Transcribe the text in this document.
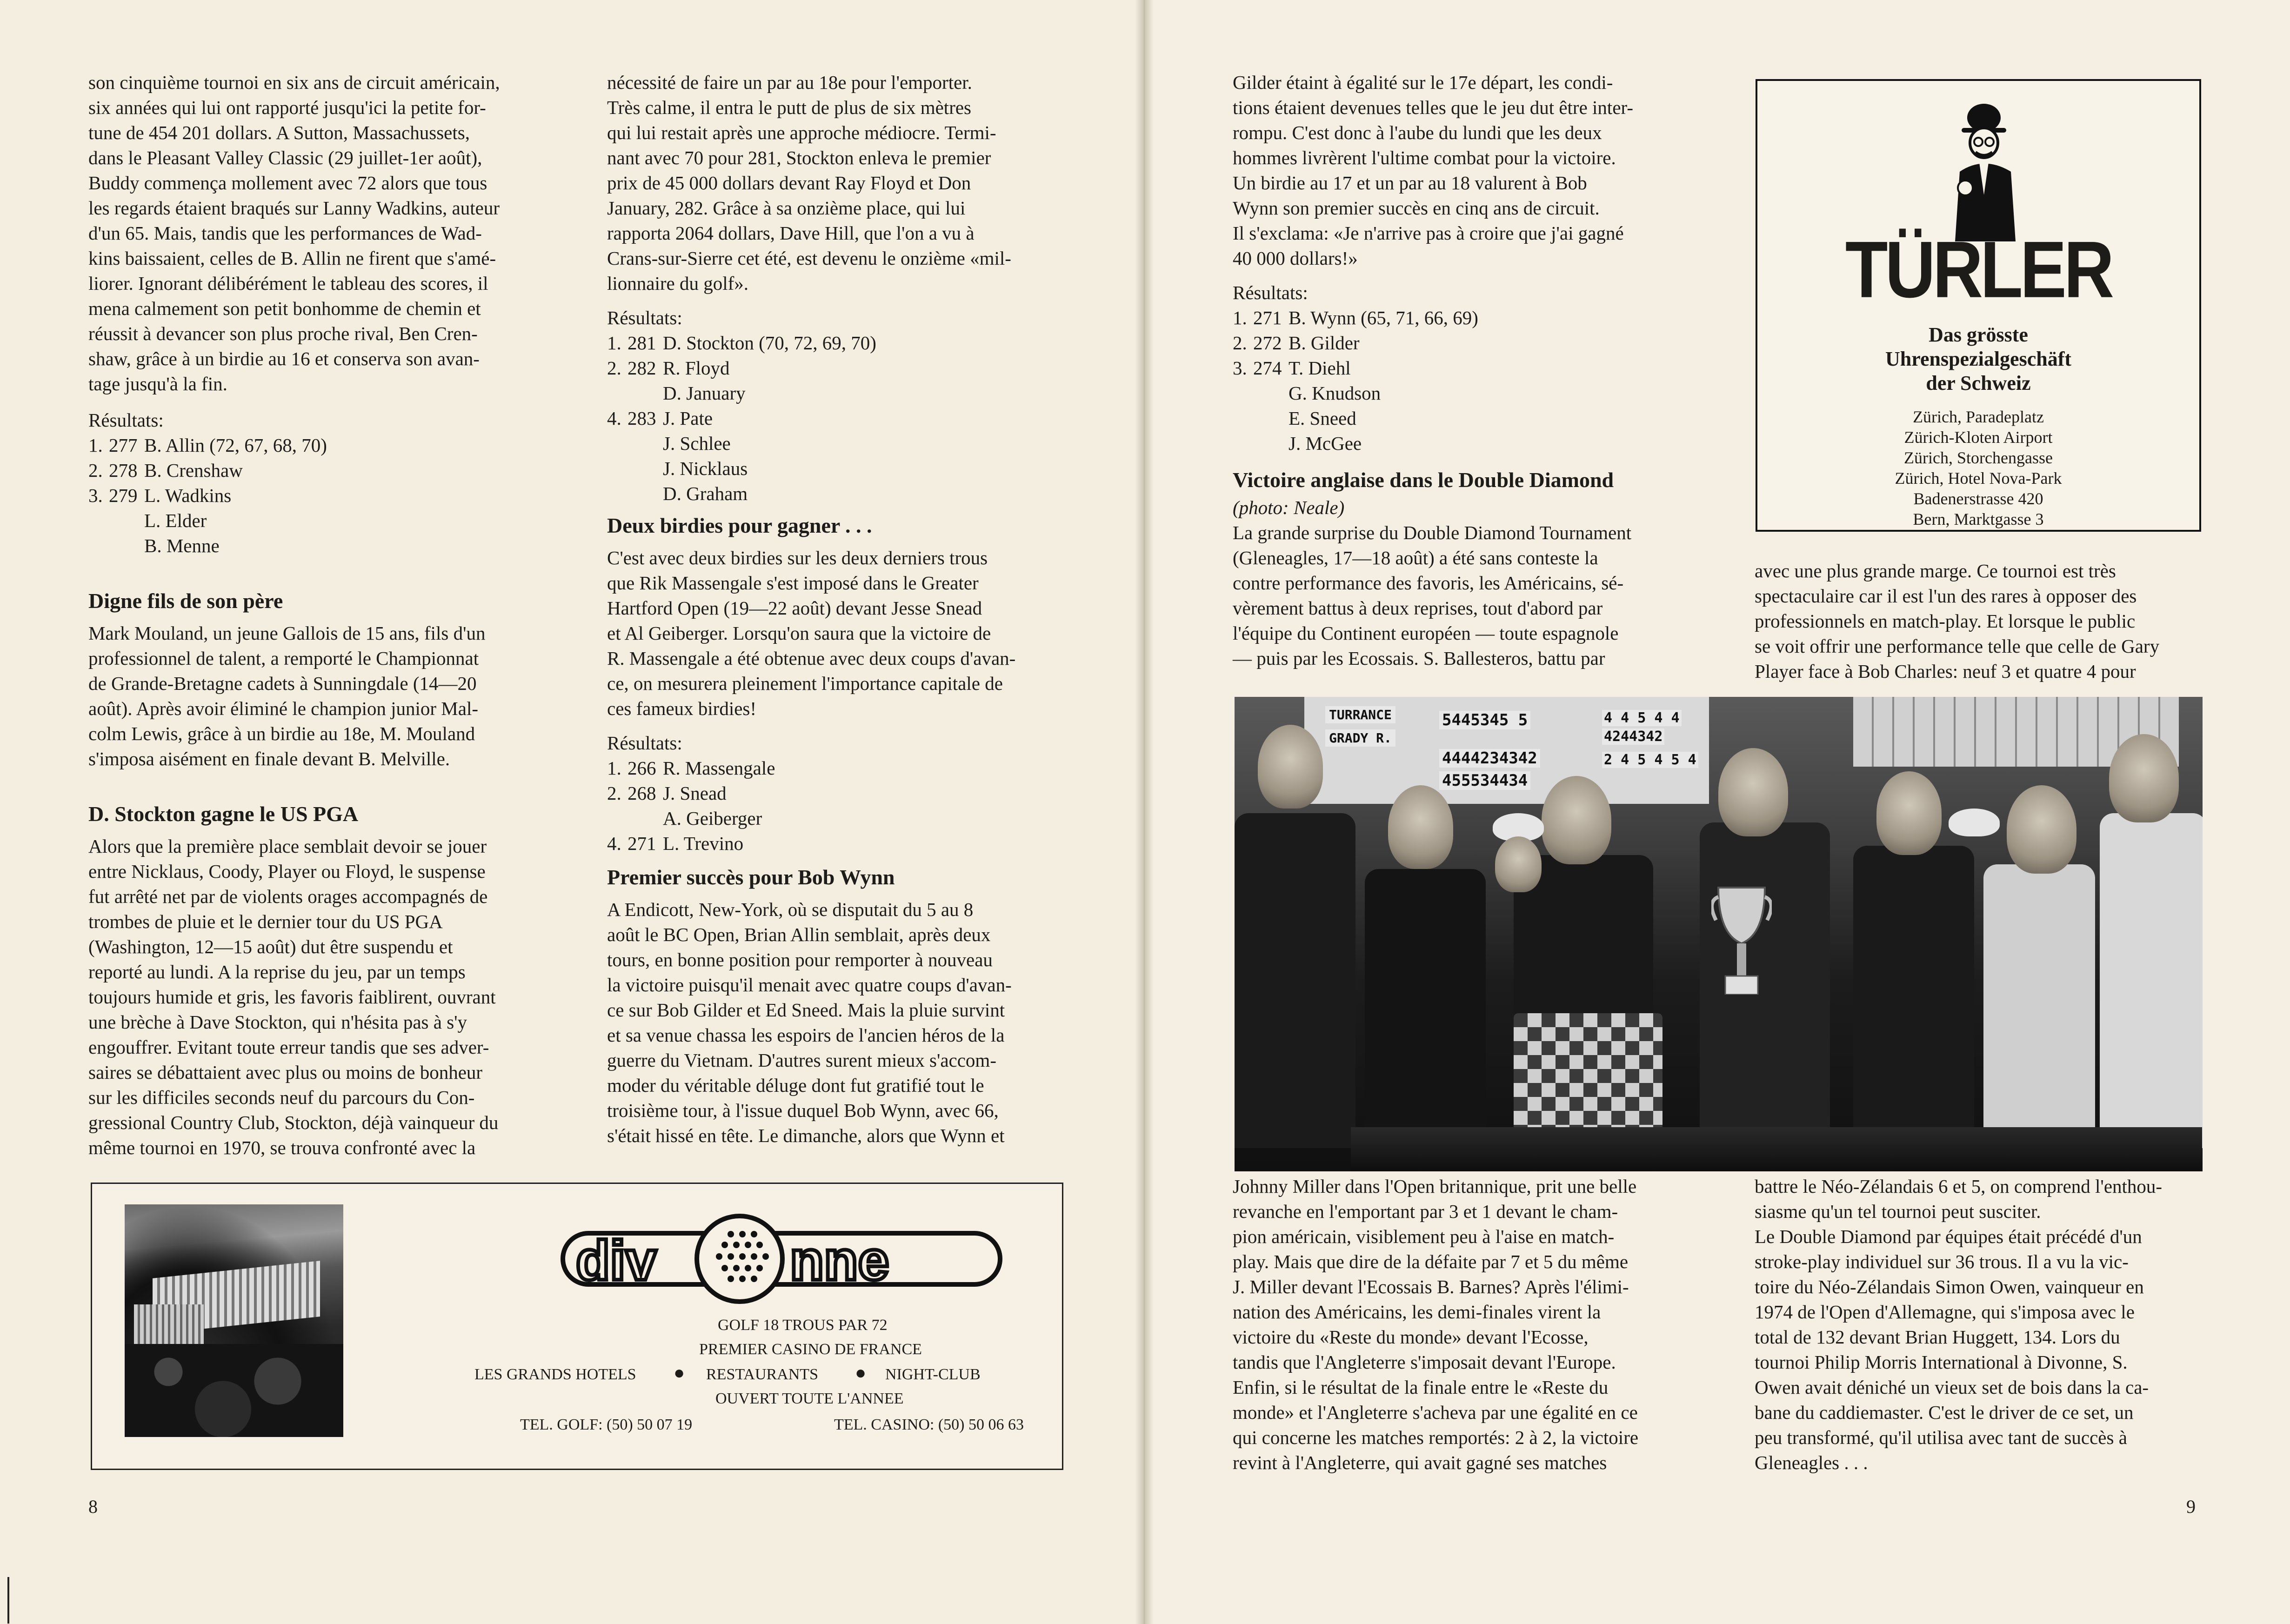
son cinquième tournoi en six ans de circuit américain,
six années qui lui ont rapporté jusqu'ici la petite for-
tune de 454 201 dollars. A Sutton, Massachussets,
dans le Pleasant Valley Classic (29 juillet-1er août),
Buddy commença mollement avec 72 alors que tous
les regards étaient braqués sur Lanny Wadkins, auteur
d'un 65. Mais, tandis que les performances de Wad-
kins baissaient, celles de B. Allin ne firent que s'amé-
liorer. Ignorant délibérément le tableau des scores, il
mena calmement son petit bonhomme de chemin et
réussit à devancer son plus proche rival, Ben Cren-
shaw, grâce à un birdie au 16 et conserva son avan-
tage jusqu'à la fin.

Résultats:

1. 277 B. Allin (72, 67, 68, 70)
2. 278 B. Crenshaw
3. 279 L. Wadkins
L. Elder
B. Menne
Digne fils de son père

Mark Mouland, un jeune Gallois de 15 ans, fils d'un
professionnel de talent, a remporté le Championnat
de Grande-Bretagne cadets à Sunningdale (14—20
août). Après avoir éliminé le champion junior Mal-
colm Lewis, grâce à un birdie au 18e, M. Mouland
s'imposa aisément en finale devant B. Melville.

D. Stockton gagne le US PGA

Alors que la première place semblait devoir se jouer
entre Nicklaus, Coody, Player ou Floyd, le suspense
fut arrêté net par de violents orages accompagnés de
trombes de pluie et le dernier tour du US PGA
(Washington, 12—15 août) dut être suspendu et
reporté au lundi. A la reprise du jeu, par un temps
toujours humide et gris, les favoris faiblirent, ouvrant
une brèche à Dave Stockton, qui n'hésita pas à s'y
engouffrer. Evitant toute erreur tandis que ses adver-
saires se débattaient avec plus ou moins de bonheur
sur les difficiles seconds neuf du parcours du Con-
gressional Country Club, Stockton, déjà vainqueur du
même tournoi en 1970, se trouva confronté avec la

nécessité de faire un par au 18e pour l'emporter.
Très calme, il entra le putt de plus de six mètres
qui lui restait après une approche médiocre. Termi-
nant avec 70 pour 281, Stockton enleva le premier
prix de 45 000 dollars devant Ray Floyd et Don
January, 282. Grâce à sa onzième place, qui lui
rapporta 2064 dollars, Dave Hill, que l'on a vu à
Crans-sur-Sierre cet été, est devenu le onzième «mil-
lionnaire du golf».

Résultats:

1. 281 D. Stockton (70, 72, 69, 70)
2. 282 R. Floyd
D. January
4. 283 J. Pate
J. Schlee
J. Nicklaus
D. Graham
Deux birdies pour gagner . . .

C'est avec deux birdies sur les deux derniers trous
que Rik Massengale s'est imposé dans le Greater
Hartford Open (19—22 août) devant Jesse Snead
et Al Geiberger. Lorsqu'on saura que la victoire de
R. Massengale a été obtenue avec deux coups d'avan-
ce, on mesurera pleinement l'importance capitale de
ces fameux birdies!

Résultats:

1. 266 R. Massengale
2. 268 J. Snead
A. Geiberger
4. 271 L. Trevino
Premier succès pour Bob Wynn

A Endicott, New-York, où se disputait du 5 au 8
août le BC Open, Brian Allin semblait, après deux
tours, en bonne position pour remporter à nouveau
la victoire puisqu'il menait avec quatre coups d'avan-
ce sur Bob Gilder et Ed Sneed. Mais la pluie survint
et sa venue chassa les espoirs de l'ancien héros de la
guerre du Vietnam. D'autres surent mieux s'accom-
moder du véritable déluge dont fut gratifié tout le
troisième tour, à l'issue duquel Bob Wynn, avec 66,
s'était hissé en tête. Le dimanche, alors que Wynn et

div nne
GOLF 18 TROUS PAR 72
PREMIER CASINO DE FRANCE
LES GRANDS HOTELS ● RESTAURANTS ● NIGHT-CLUB
OUVERT TOUTE L'ANNEE
TEL. GOLF: (50) 50 07 19	TEL. CASINO: (50) 50 06 63
8

Gilder étaint à égalité sur le 17e départ, les condi-
tions étaient devenues telles que le jeu dut être inter-
rompu. C'est donc à l'aube du lundi que les deux
hommes livrèrent l'ultime combat pour la victoire.
Un birdie au 17 et un par au 18 valurent à Bob
Wynn son premier succès en cinq ans de circuit.
Il s'exclama: «Je n'arrive pas à croire que j'ai gagné
40 000 dollars!»

Résultats:

1. 271 B. Wynn (65, 71, 66, 69)
2. 272 B. Gilder
3. 274 T. Diehl
G. Knudson
E. Sneed
J. McGee
Victoire anglaise dans le Double Diamond

(photo: Neale)

La grande surprise du Double Diamond Tournament
(Gleneagles, 17—18 août) a été sans conteste la
contre performance des favoris, les Américains, sé-
vèrement battus à deux reprises, tout d'abord par
l'équipe du Continent européen — toute espagnole
— puis par les Ecossais. S. Ballesteros, battu par

TÜRLER
Das grösste
Uhrenspezialgeschäft
der Schweiz
Zürich, Paradeplatz
Zürich-Kloten Airport
Zürich, Storchengasse
Zürich, Hotel Nova-Park
Badenerstrasse 420
Bern, Marktgasse 3

avec une plus grande marge. Ce tournoi est très
spectaculaire car il est l'un des rares à opposer des
professionnels en match-play. Et lorsque le public
se voit offrir une performance telle que celle de Gary
Player face à Bob Charles: neuf 3 et quatre 4 pour

TURRANCE
GRADY R.
5445345 5
4444234342
455534434
4 4 5 4 4
4244342
2 4 5 4 5 4

Johnny Miller dans l'Open britannique, prit une belle
revanche en l'emportant par 3 et 1 devant le cham-
pion américain, visiblement peu à l'aise en match-
play. Mais que dire de la défaite par 7 et 5 du même
J. Miller devant l'Ecossais B. Barnes? Après l'élimi-
nation des Américains, les demi-finales virent la
victoire du «Reste du monde» devant l'Ecosse,
tandis que l'Angleterre s'imposait devant l'Europe.
Enfin, si le résultat de la finale entre le «Reste du
monde» et l'Angleterre s'acheva par une égalité en ce
qui concerne les matches remportés: 2 à 2, la victoire
revint à l'Angleterre, qui avait gagné ses matches

battre le Néo-Zélandais 6 et 5, on comprend l'enthou-
siasme qu'un tel tournoi peut susciter.
Le Double Diamond par équipes était précédé d'un
stroke-play individuel sur 36 trous. Il a vu la vic-
toire du Néo-Zélandais Simon Owen, vainqueur en
1974 de l'Open d'Allemagne, qui s'imposa avec le
total de 132 devant Brian Huggett, 134. Lors du
tournoi Philip Morris International à Divonne, S.
Owen avait déniché un vieux set de bois dans la ca-
bane du caddiemaster. C'est le driver de ce set, un
peu transformé, qu'il utilisa avec tant de succès à
Gleneagles . . .

9
